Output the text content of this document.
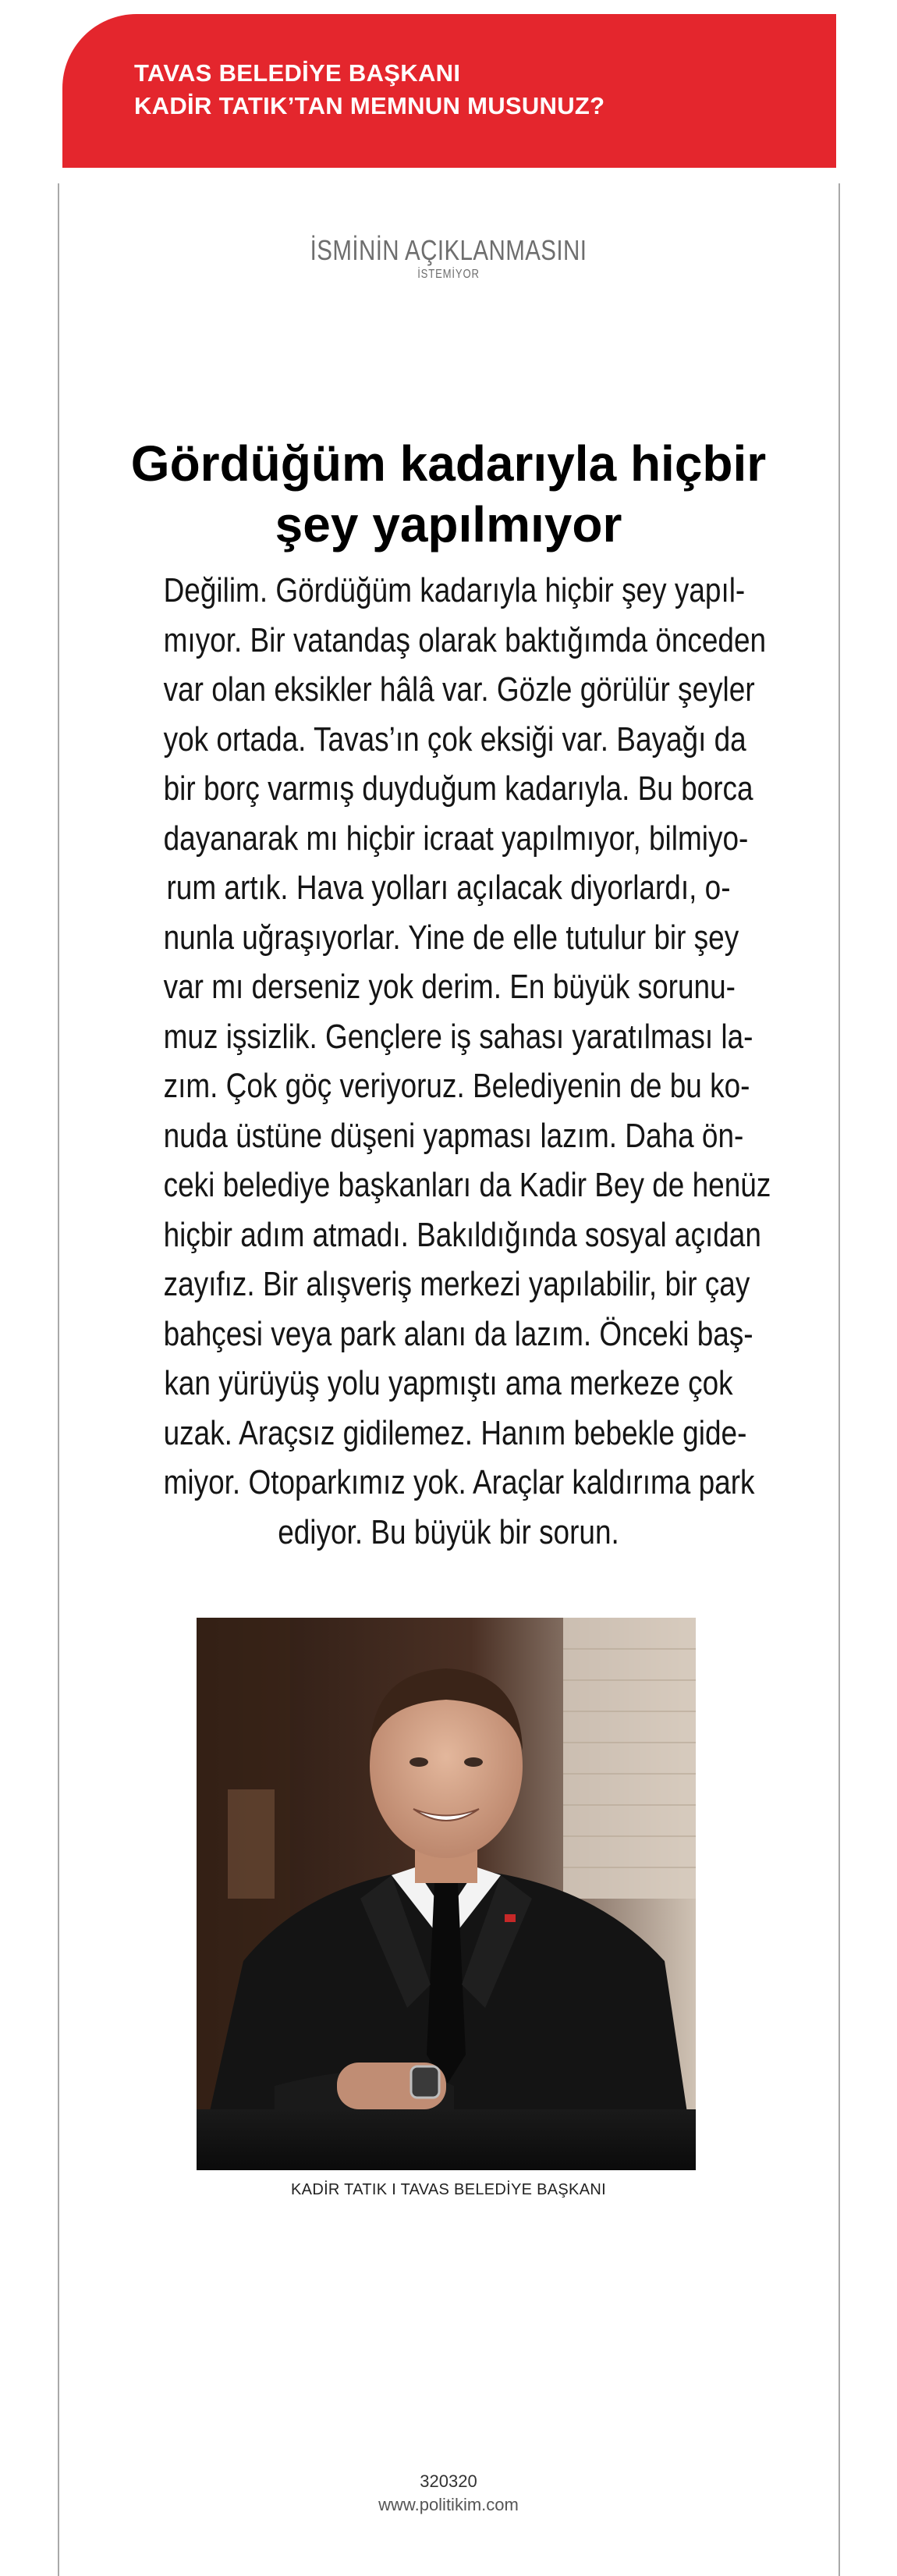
TAVAS BELEDİYE BAŞKANI
KADİR TATIK’TAN MEMNUN MUSUNUZ?
İSMİNİN AÇIKLANMASINI
İSTEMİYOR
Gördüğüm kadarıyla hiçbir şey yapılmıyor
Değilim. Gördüğüm kadarıyla hiçbir şey yapıl-
mıyor. Bir vatandaş olarak baktığımda önceden
var olan eksikler hâlâ var. Gözle görülür şeyler
yok ortada. Tavas’ın çok eksiği var. Bayağı da
bir borç varmış duyduğum kadarıyla. Bu borca
dayanarak mı hiçbir icraat yapılmıyor, bilmiyo-
rum artık. Hava yolları açılacak diyorlardı, o-
nunla uğraşıyorlar. Yine de elle tutulur bir şey
var mı derseniz yok derim. En büyük sorunu-
muz işsizlik. Gençlere iş sahası yaratılması la-
zım. Çok göç veriyoruz. Belediyenin de bu ko-
nuda üstüne düşeni yapması lazım. Daha ön-
ceki belediye başkanları da Kadir Bey de henüz
hiçbir adım atmadı. Bakıldığında sosyal açıdan
zayıfız. Bir alışveriş merkezi yapılabilir, bir çay
bahçesi veya park alanı da lazım. Önceki baş-
kan yürüyüş yolu yapmıştı ama merkeze çok
uzak. Araçsız gidilemez. Hanım bebekle gide-
miyor. Otoparkımız yok. Araçlar kaldırıma park
ediyor. Bu büyük bir sorun.
KADİR TATIK I TAVAS BELEDİYE BAŞKANI
320320
www.politikim.com
